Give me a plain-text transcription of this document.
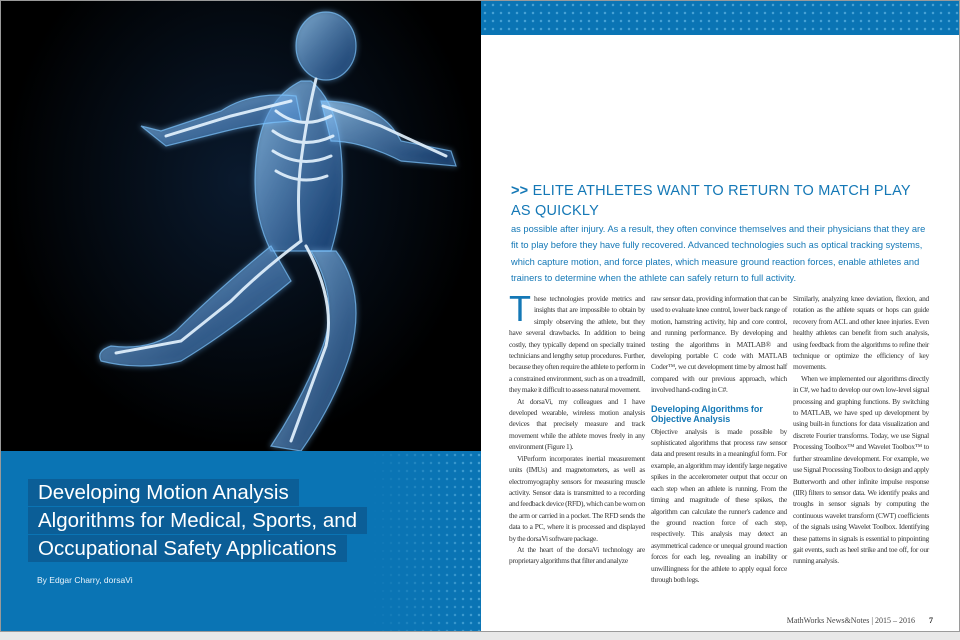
Developing Motion Analysis
Algorithms for Medical, Sports, and
Occupational Safety Applications
By Edgar Charry, dorsaVi
>> ELITE ATHLETES WANT TO RETURN TO MATCH PLAY AS QUICKLY
as possible after injury. As a result, they often convince themselves and their physicians that they are fit to play before they have fully recovered. Advanced technologies such as optical tracking systems, which capture motion, and force plates, which measure ground reaction forces, enable athletes and trainers to determine when the athlete can safely return to full activity.

These technologies provide metrics and insights that are impossible to obtain by simply observing the athlete, but they have several drawbacks. In addition to being costly, they typically depend on specially trained technicians and lengthy setup procedures. Further, because they often require the athlete to perform in a constrained environment, such as on a treadmill, they make it difficult to assess natural movement.

At dorsaVi, my colleagues and I have developed wearable, wireless motion analysis devices that precisely measure and track movement while the athlete moves freely in any environment (Figure 1).

ViPerform incorporates inertial measurement units (IMUs) and magnetometers, as well as electromyography sensors for measuring muscle activity. Sensor data is transmitted to a recording and feedback device (RFD), which can be worn on the arm or carried in a pocket. The RFD sends the data to a PC, where it is processed and displayed by the dorsaVi software package.

At the heart of the dorsaVi technology are proprietary algorithms that filter and analyze

raw sensor data, providing information that can be used to evaluate knee control, lower back range of motion, hamstring activity, hip and core control, and running performance. By developing and testing the algorithms in MATLAB® and developing portable C code with MATLAB Coder™, we cut development time by almost half compared with our previous approach, which involved hand-coding in C#.

Developing Algorithms for Objective Analysis

Objective analysis is made possible by sophisticated algorithms that process raw sensor data and present results in a meaningful form. For example, an algorithm may identify large negative spikes in the accelerometer output that occur on each step when an athlete is running. From the timing and magnitude of these spikes, the algorithm can calculate the runner's cadence and the ground reaction force of each step, respectively. This analysis may detect an asymmetrical cadence or unequal ground reaction forces for each leg, revealing an inability or unwillingness for the athlete to apply equal force through both legs.

Similarly, analyzing knee deviation, flexion, and rotation as the athlete squats or hops can guide recovery from ACL and other knee injuries. Even healthy athletes can benefit from such analysis, using feedback from the algorithms to refine their technique or optimize the efficiency of key movements.

When we implemented our algorithms directly in C#, we had to develop our own low-level signal processing and graphing functions. By switching to MATLAB, we have sped up development by using built-in functions for data visualization and discrete Fourier transforms. Today, we use Signal Processing Toolbox™ and Wavelet Toolbox™ to further streamline development. For example, we use Signal Processing Toolbox to design and apply Butterworth and other infinite impulse response (IIR) filters to sensor data. We identify peaks and troughs in sensor signals by computing the continuous wavelet transform (CWT) coefficients of the signals using Wavelet Toolbox. Identifying these patterns in signals is essential to pinpointing gait events, such as heel strike and toe off, for our running analysis.

MathWorks News&Notes | 2015 – 2016 7
